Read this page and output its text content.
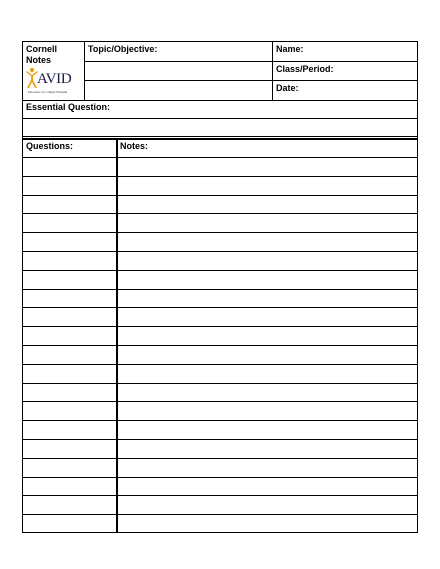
Cornell
Notes
Topic/Objective:	Name:
Class/Period:
Date:
AVID
Decades of College Dreams
Essential Question:
Questions:	Notes:
